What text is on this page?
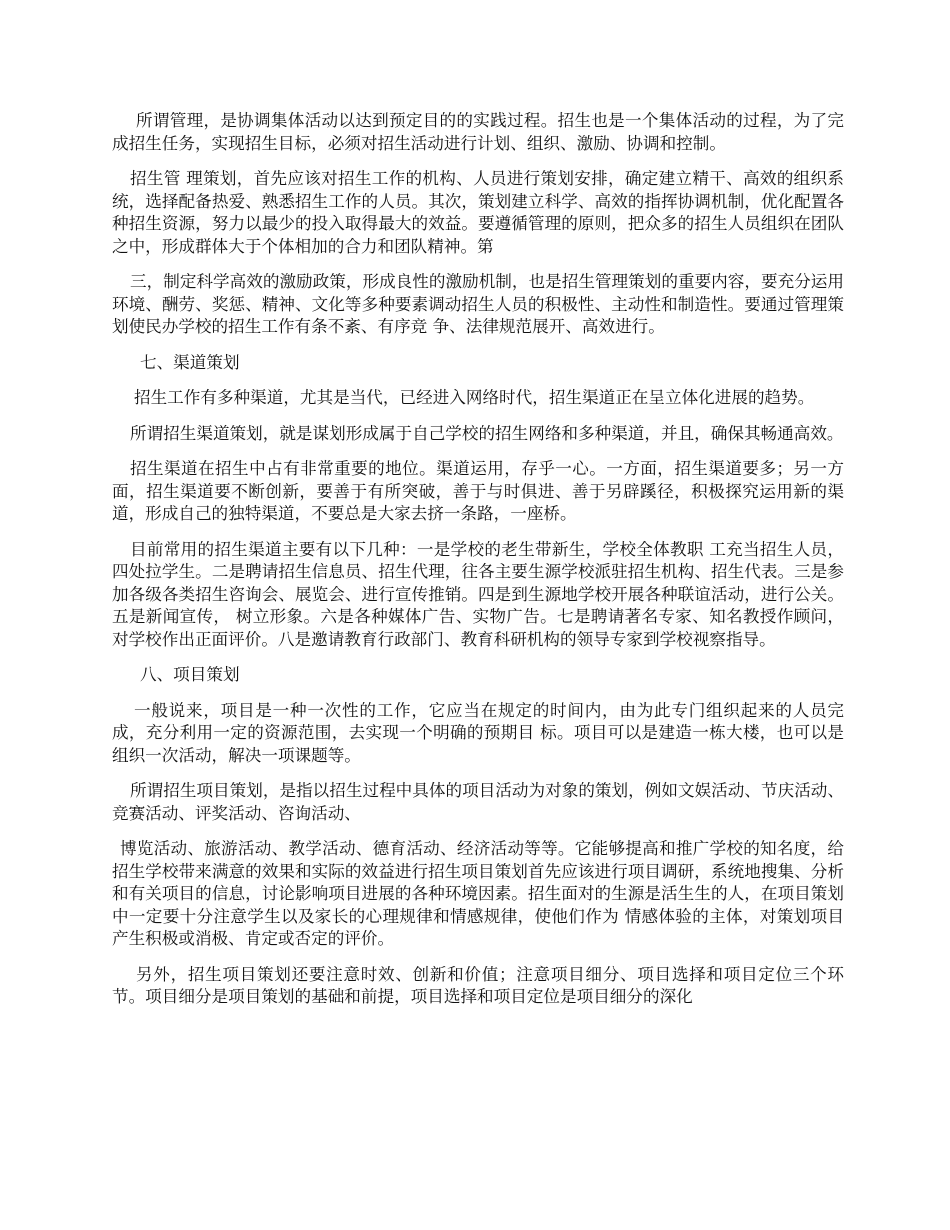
所谓管理，是协调集体活动以达到预定目的的实践过程。招生也是一个集体活动的过程，为了完成招生任务，实现招生目标，必须对招生活动进行计划、组织、激励、协调和控制。

招生管 理策划，首先应该对招生工作的机构、人员进行策划安排，确定建立精干、高效的组织系统，选择配备热爱、熟悉招生工作的人员。其次，策划建立科学、高效的指挥协调机制，优化配置各种招生资源，努力以最少的投入取得最大的效益。要遵循管理的原则，把众多的招生人员组织在团队之中，形成群体大于个体相加的合力和团队精神。第

三，制定科学高效的激励政策，形成良性的激励机制，也是招生管理策划的重要内容，要充分运用环境、酬劳、奖惩、精神、文化等多种要素调动招生人员的积极性、主动性和制造性。要通过管理策划使民办学校的招生工作有条不紊、有序竞 争、法律规范展开、高效进行。

七、渠道策划

招生工作有多种渠道，尤其是当代，已经进入网络时代，招生渠道正在呈立体化进展的趋势。

所谓招生渠道策划，就是谋划形成属于自己学校的招生网络和多种渠道，并且，确保其畅通高效。

招生渠道在招生中占有非常重要的地位。渠道运用，存乎一心。一方面，招生渠道要多；另一方面，招生渠道要不断创新，要善于有所突破，善于与时俱进、善于另辟蹊径，积极探究运用新的渠道，形成自己的独特渠道，不要总是大家去挤一条路，一座桥。

目前常用的招生渠道主要有以下几种：一是学校的老生带新生，学校全体教职 工充当招生人员，四处拉学生。二是聘请招生信息员、招生代理，往各主要生源学校派驻招生机构、招生代表。三是参加各级各类招生咨询会、展览会、进行宣传推销。四是到生源地学校开展各种联谊活动，进行公关。五是新闻宣传， 树立形象。六是各种媒体广告、实物广告。七是聘请著名专家、知名教授作顾问，对学校作出正面评价。八是邀请教育行政部门、教育科研机构的领导专家到学校视察指导。

八、项目策划

一般说来，项目是一种一次性的工作，它应当在规定的时间内，由为此专门组织起来的人员完成，充分利用一定的资源范围，去实现一个明确的预期目 标。项目可以是建造一栋大楼，也可以是组织一次活动，解决一项课题等。

所谓招生项目策划，是指以招生过程中具体的项目活动为对象的策划，例如文娱活动、节庆活动、竞赛活动、评奖活动、咨询活动、

博览活动、旅游活动、教学活动、德育活动、经济活动等等。它能够提高和推广学校的知名度，给招生学校带来满意的效果和实际的效益进行招生项目策划首先应该进行项目调研，系统地搜集、分析和有关项目的信息，讨论影响项目进展的各种环境因素。招生面对的生源是活生生的人，在项目策划中一定要十分注意学生以及家长的心理规律和情感规律，使他们作为 情感体验的主体，对策划项目产生积极或消极、肯定或否定的评价。

另外，招生项目策划还要注意时效、创新和价值；注意项目细分、项目选择和项目定位三个环节。项目细分是项目策划的基础和前提，项目选择和项目定位是项目细分的深化
